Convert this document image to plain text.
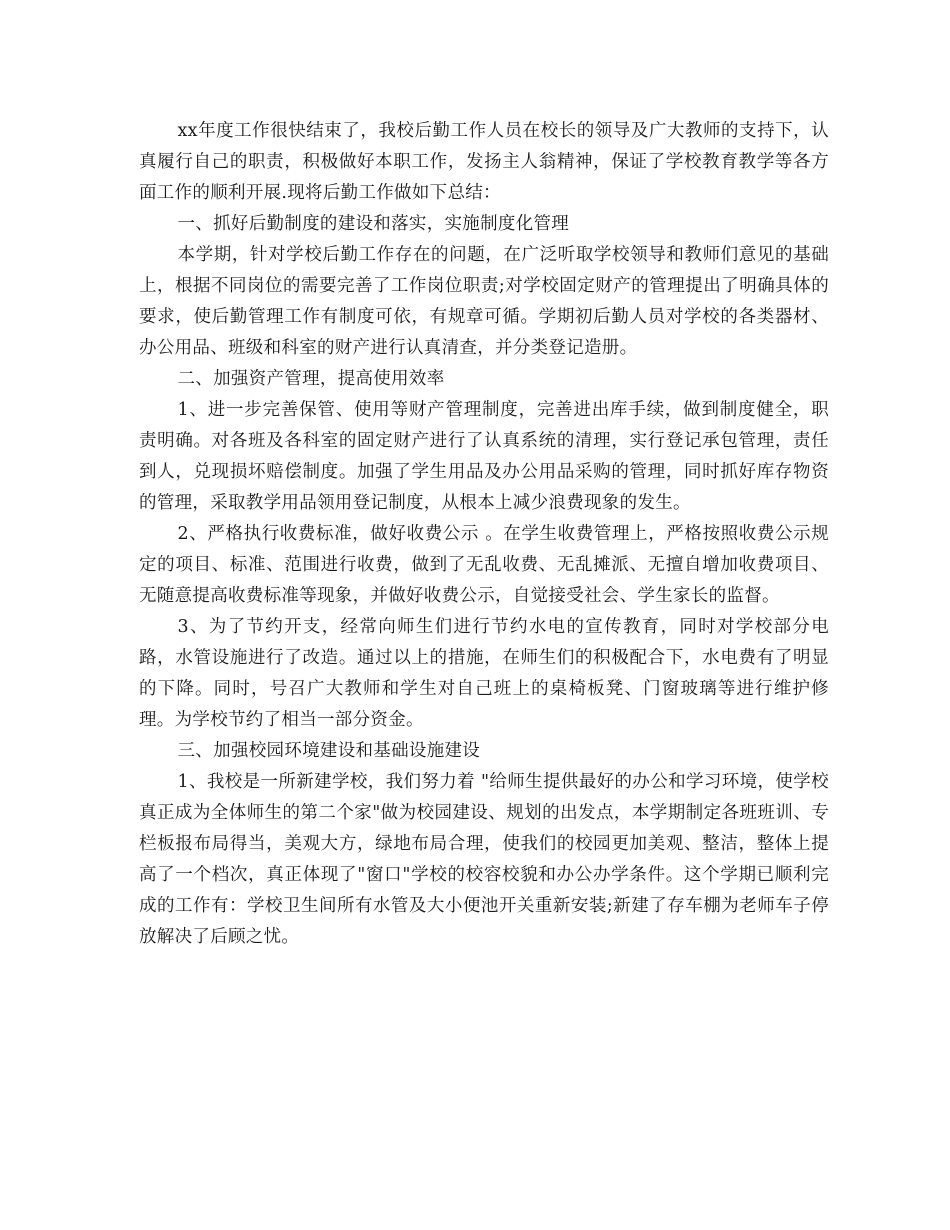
xx年度工作很快结束了，我校后勤工作人员在校长的领导及广大教师的支持下，认真履行自己的职责，积极做好本职工作，发扬主人翁精神，保证了学校教育教学等各方面工作的顺利开展.现将后勤工作做如下总结：

一、抓好后勤制度的建设和落实，实施制度化管理

本学期，针对学校后勤工作存在的问题，在广泛听取学校领导和教师们意见的基础上，根据不同岗位的需要完善了工作岗位职责;对学校固定财产的管理提出了明确具体的要求，使后勤管理工作有制度可依，有规章可循。学期初后勤人员对学校的各类器材、办公用品、班级和科室的财产进行认真清查，并分类登记造册。

二、加强资产管理，提高使用效率

1、进一步完善保管、使用等财产管理制度，完善进出库手续，做到制度健全，职责明确。对各班及各科室的固定财产进行了认真系统的清理，实行登记承包管理，责任到人，兑现损坏赔偿制度。加强了学生用品及办公用品采购的管理，同时抓好库存物资的管理，采取教学用品领用登记制度，从根本上减少浪费现象的发生。

2、严格执行收费标准，做好收费公示 。在学生收费管理上，严格按照收费公示规定的项目、标准、范围进行收费，做到了无乱收费、无乱摊派、无擅自增加收费项目、无随意提高收费标准等现象，并做好收费公示，自觉接受社会、学生家长的监督。

3、为了节约开支，经常向师生们进行节约水电的宣传教育，同时对学校部分电路，水管设施进行了改造。通过以上的措施，在师生们的积极配合下，水电费有了明显的下降。同时，号召广大教师和学生对自己班上的桌椅板凳、门窗玻璃等进行维护修理。为学校节约了相当一部分资金。

三、加强校园环境建设和基础设施建设

1、我校是一所新建学校，我们努力着 "给师生提供最好的办公和学习环境，使学校真正成为全体师生的第二个家"做为校园建设、规划的出发点，本学期制定各班班训、专栏板报布局得当，美观大方，绿地布局合理，使我们的校园更加美观、整洁，整体上提高了一个档次，真正体现了"窗口"学校的校容校貌和办公办学条件。这个学期已顺利完成的工作有：学校卫生间所有水管及大小便池开关重新安装;新建了存车棚为老师车子停放解决了后顾之忧。
